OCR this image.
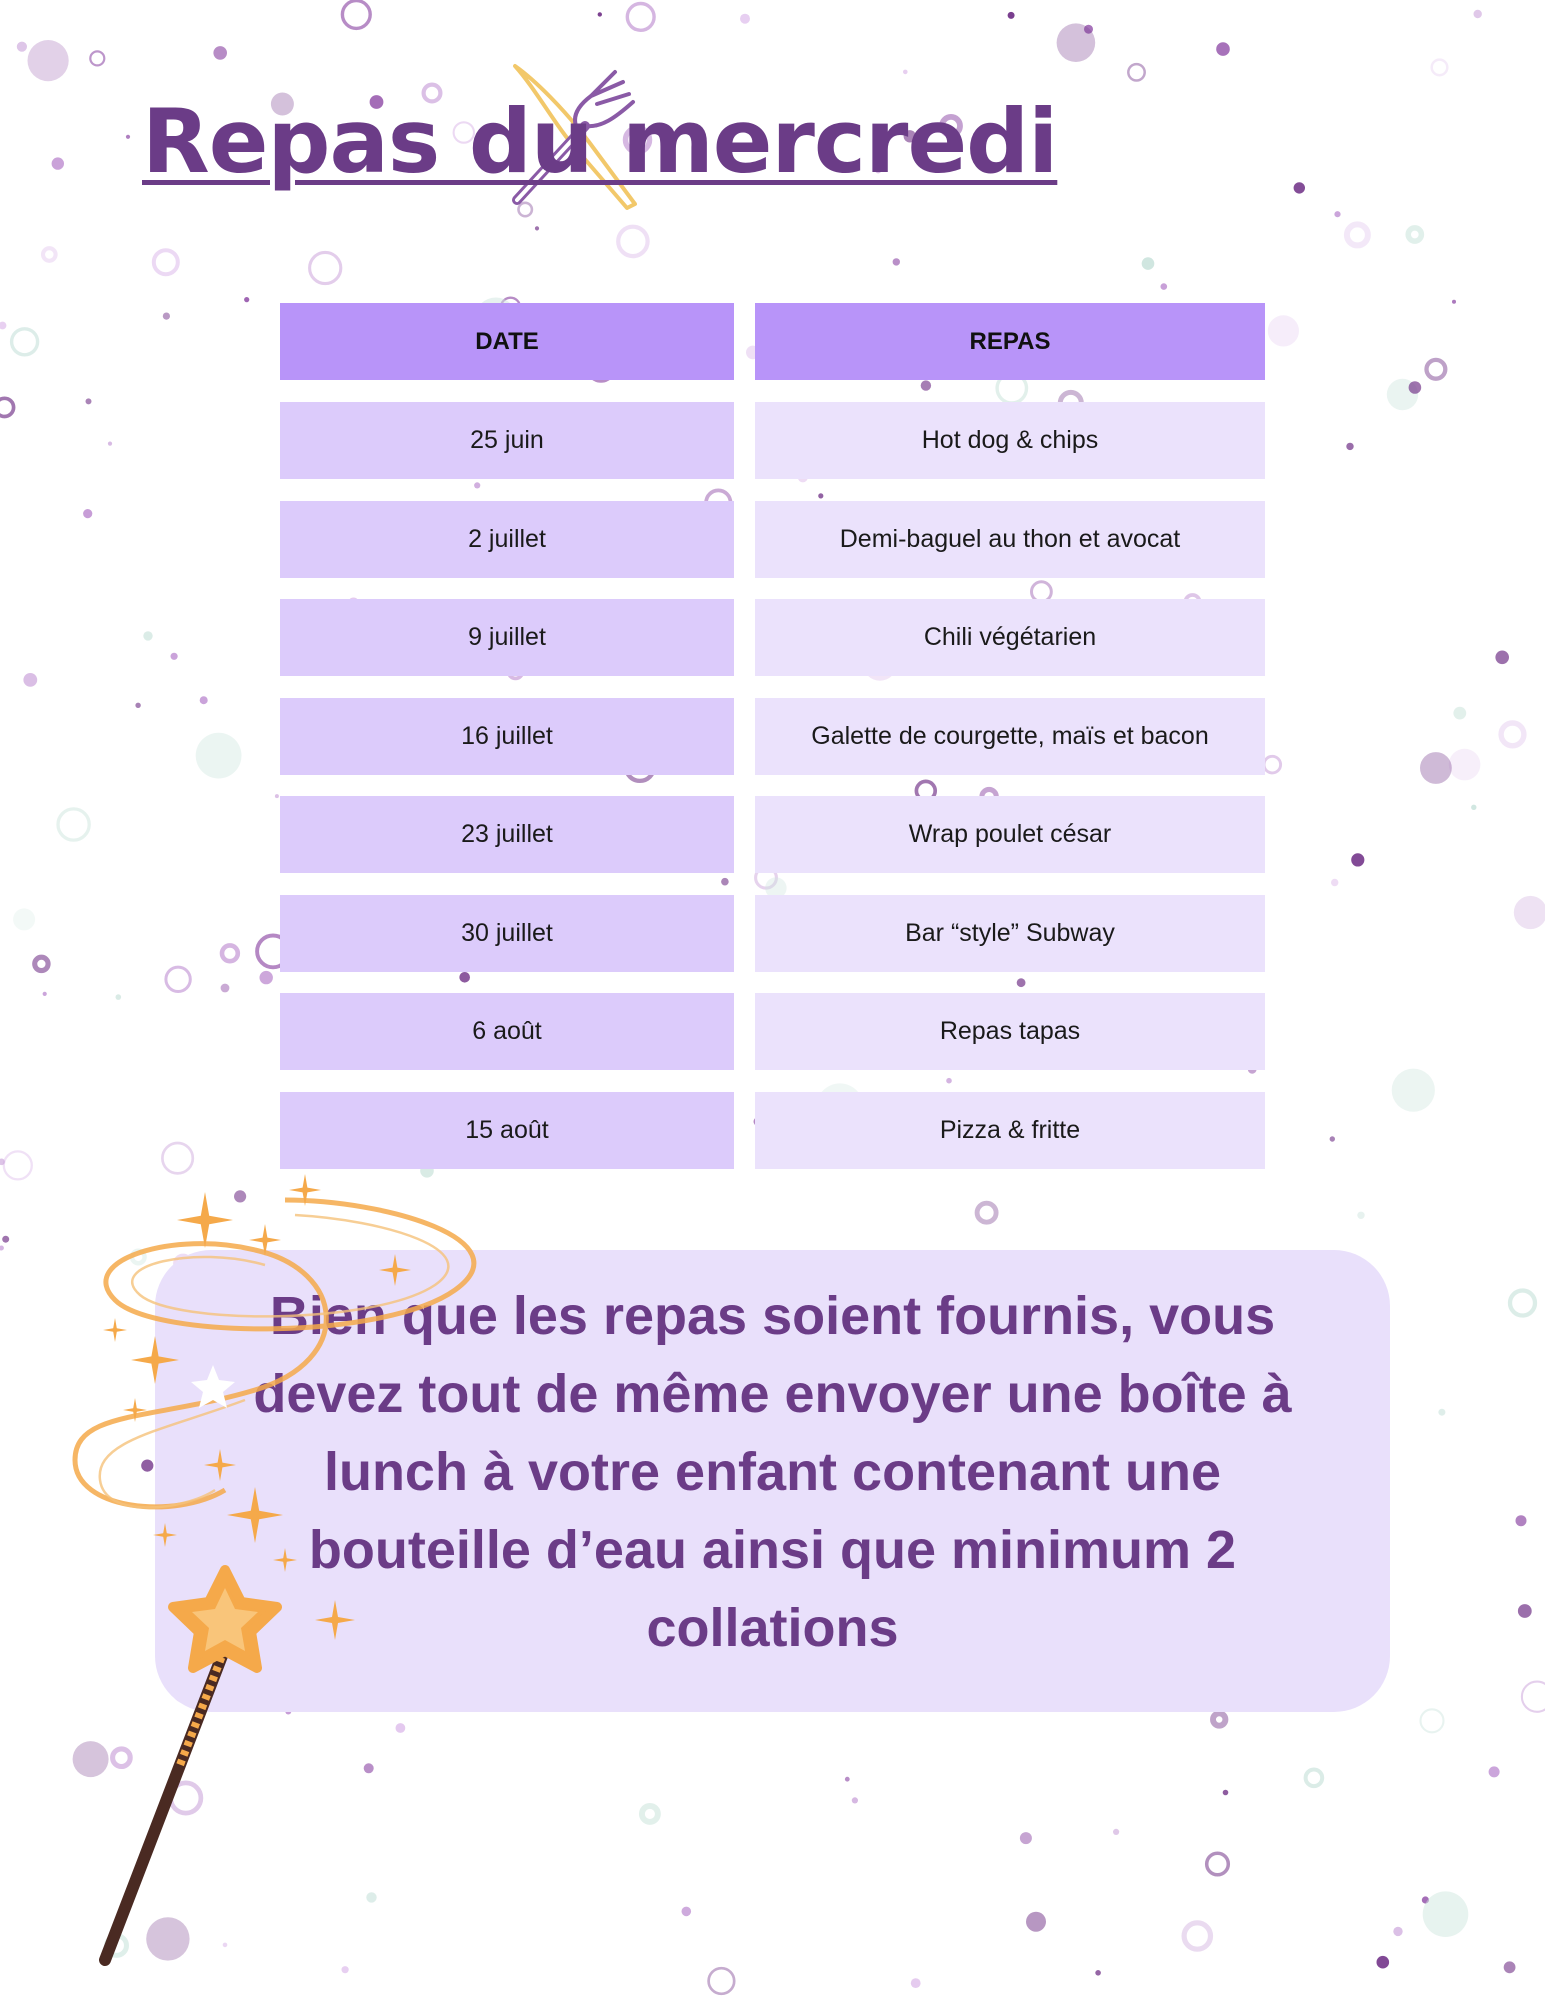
Repas du mercredi
DATE	REPAS
25 juin	Hot dog & chips
2 juillet	Demi-baguel au thon et avocat
9 juillet	Chili végétarien
16 juillet	Galette de courgette, maïs et bacon
23 juillet	Wrap poulet césar
30 juillet	Bar “style” Subway
6 août	Repas tapas
15 août	Pizza & fritte

Bien que les repas soient fournis, vous
devez tout de même envoyer une boîte à
lunch à votre enfant contenant une
bouteille d’eau ainsi que minimum 2
collations
